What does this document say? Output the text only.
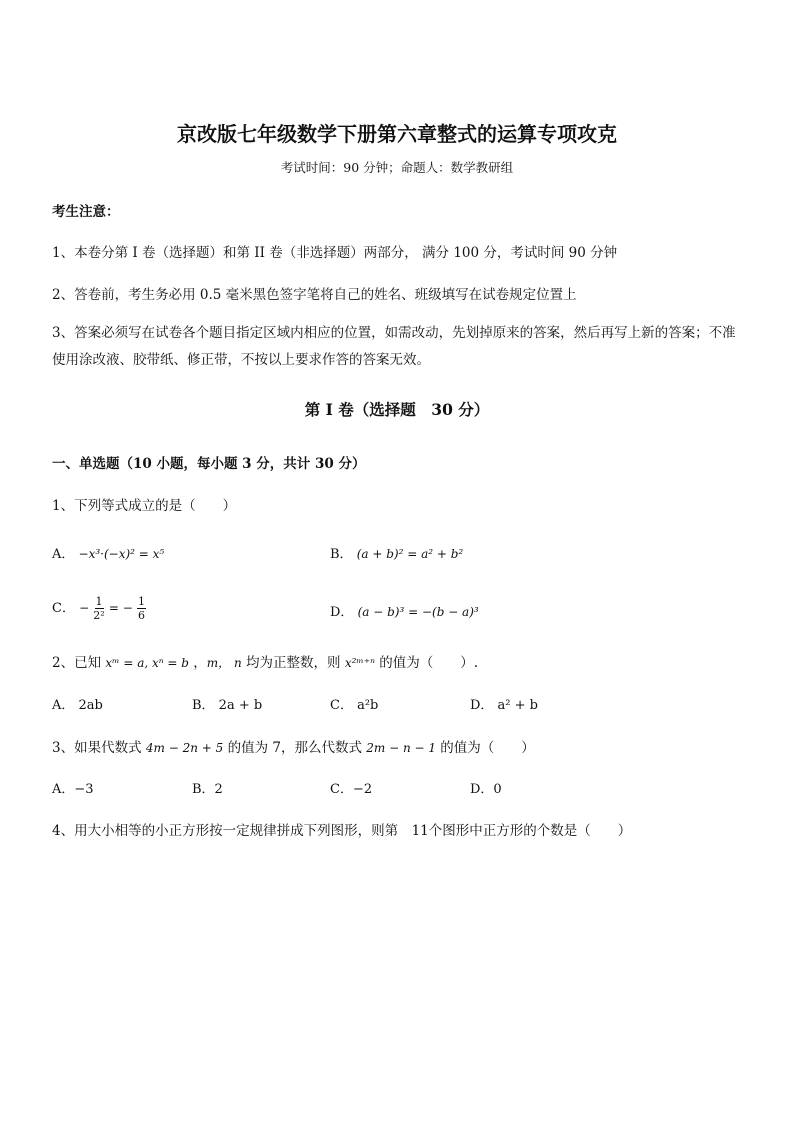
京改版七年级数学下册第六章整式的运算专项攻克
考试时间：90 分钟；命题人：数学教研组
考生注意：
1、本卷分第 I 卷（选择题）和第 II 卷（非选择题）两部分， 满分 100 分，考试时间 90 分钟
2、答卷前，考生务必用 0.5 毫米黑色签字笔将自己的姓名、班级填写在试卷规定位置上
3、答案必须写在试卷各个题目指定区域内相应的位置，如需改动，先划掉原来的答案，然后再写上新的答案；不准使用涂改液、胶带纸、修正带，不按以上要求作答的答案无效。
第 I 卷（选择题　30 分）
一、单选题（10 小题，每小题 3 分，共计 30 分）
1、下列等式成立的是（　　）
A． −x³·(−x)² = x⁵	B． (a + b)² = a² + b²
C． − $\frac{1}{\text{2²}}$ = − $\frac{1}{6}$	D． (a − b)³ = −(b − a)³
2、已知 xᵐ = a, xⁿ = b ，m， n 均为正整数，则 x²ᵐ⁺ⁿ 的值为（　　）.
A． 2ab	B． 2a + b	C． a²b	D． a² + b
3、如果代数式 4m − 2n + 5 的值为 7，那么代数式 2m − n − 1 的值为（　　）
A．−3	B．2	C．−2	D．0
4、用大小相等的小正方形按一定规律拼成下列图形，则第　11个图形中正方形的个数是（　　）
